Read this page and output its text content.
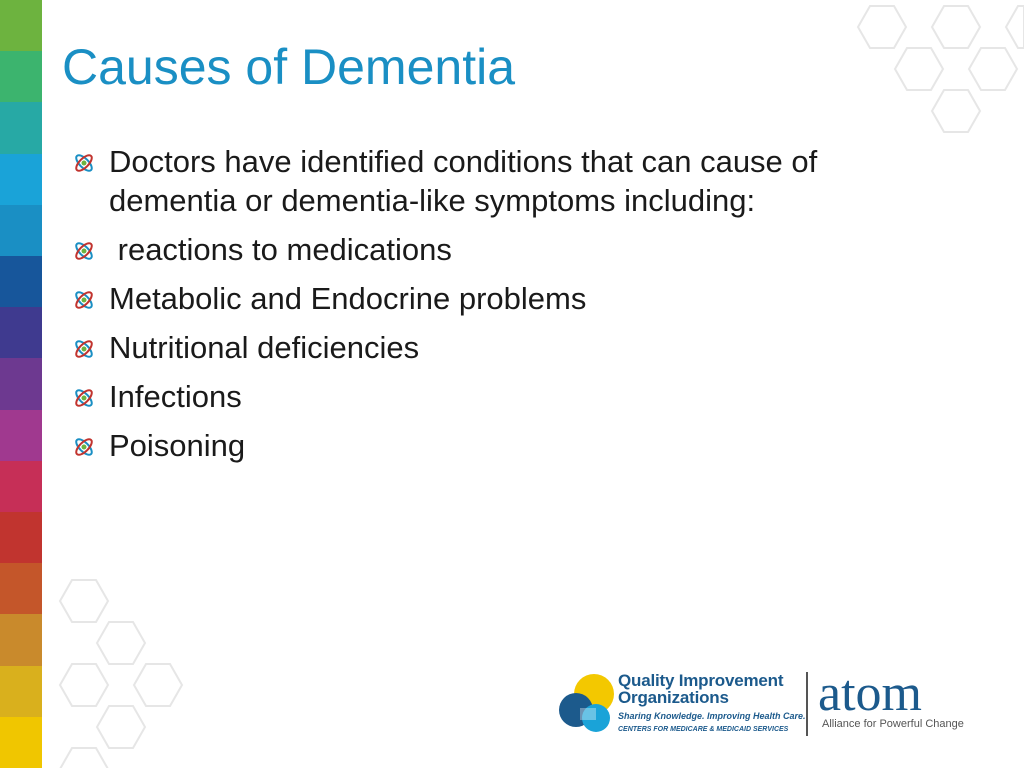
Causes of Dementia
Doctors have identified conditions that can cause of dementia or dementia-like symptoms including:
reactions to medications
Metabolic and Endocrine problems
Nutritional deficiencies
Infections
Poisoning
Quality Improvement
Organizations
Sharing Knowledge. Improving Health Care.
CENTERS FOR MEDICARE & MEDICAID SERVICES
atom
Alliance for Powerful Change
